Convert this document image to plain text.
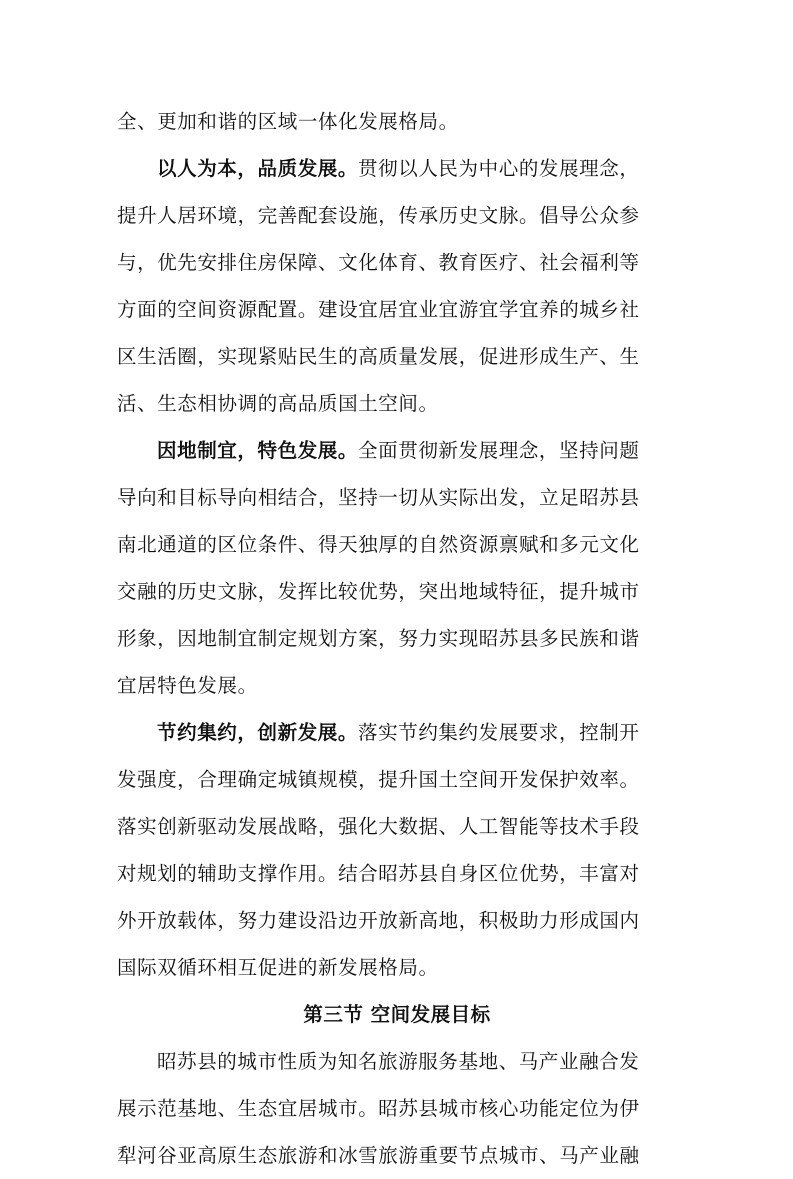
全、更加和谐的区域一体化发展格局。
以人为本，品质发展。贯彻以人民为中心的发展理念，
提升人居环境，完善配套设施，传承历史文脉。倡导公众参
与，优先安排住房保障、文化体育、教育医疗、社会福利等
方面的空间资源配置。建设宜居宜业宜游宜学宜养的城乡社
区生活圈，实现紧贴民生的高质量发展，促进形成生产、生
活、生态相协调的高品质国土空间。
因地制宜，特色发展。全面贯彻新发展理念，坚持问题
导向和目标导向相结合，坚持一切从实际出发，立足昭苏县
南北通道的区位条件、得天独厚的自然资源禀赋和多元文化
交融的历史文脉，发挥比较优势，突出地域特征，提升城市
形象，因地制宜制定规划方案，努力实现昭苏县多民族和谐
宜居特色发展。
节约集约，创新发展。落实节约集约发展要求，控制开
发强度，合理确定城镇规模，提升国土空间开发保护效率。
落实创新驱动发展战略，强化大数据、人工智能等技术手段
对规划的辅助支撑作用。结合昭苏县自身区位优势，丰富对
外开放载体，努力建设沿边开放新高地，积极助力形成国内
国际双循环相互促进的新发展格局。
第三节 空间发展目标
昭苏县的城市性质为知名旅游服务基地、马产业融合发
展示范基地、生态宜居城市。昭苏县城市核心功能定位为伊
犁河谷亚高原生态旅游和冰雪旅游重要节点城市、马产业融
